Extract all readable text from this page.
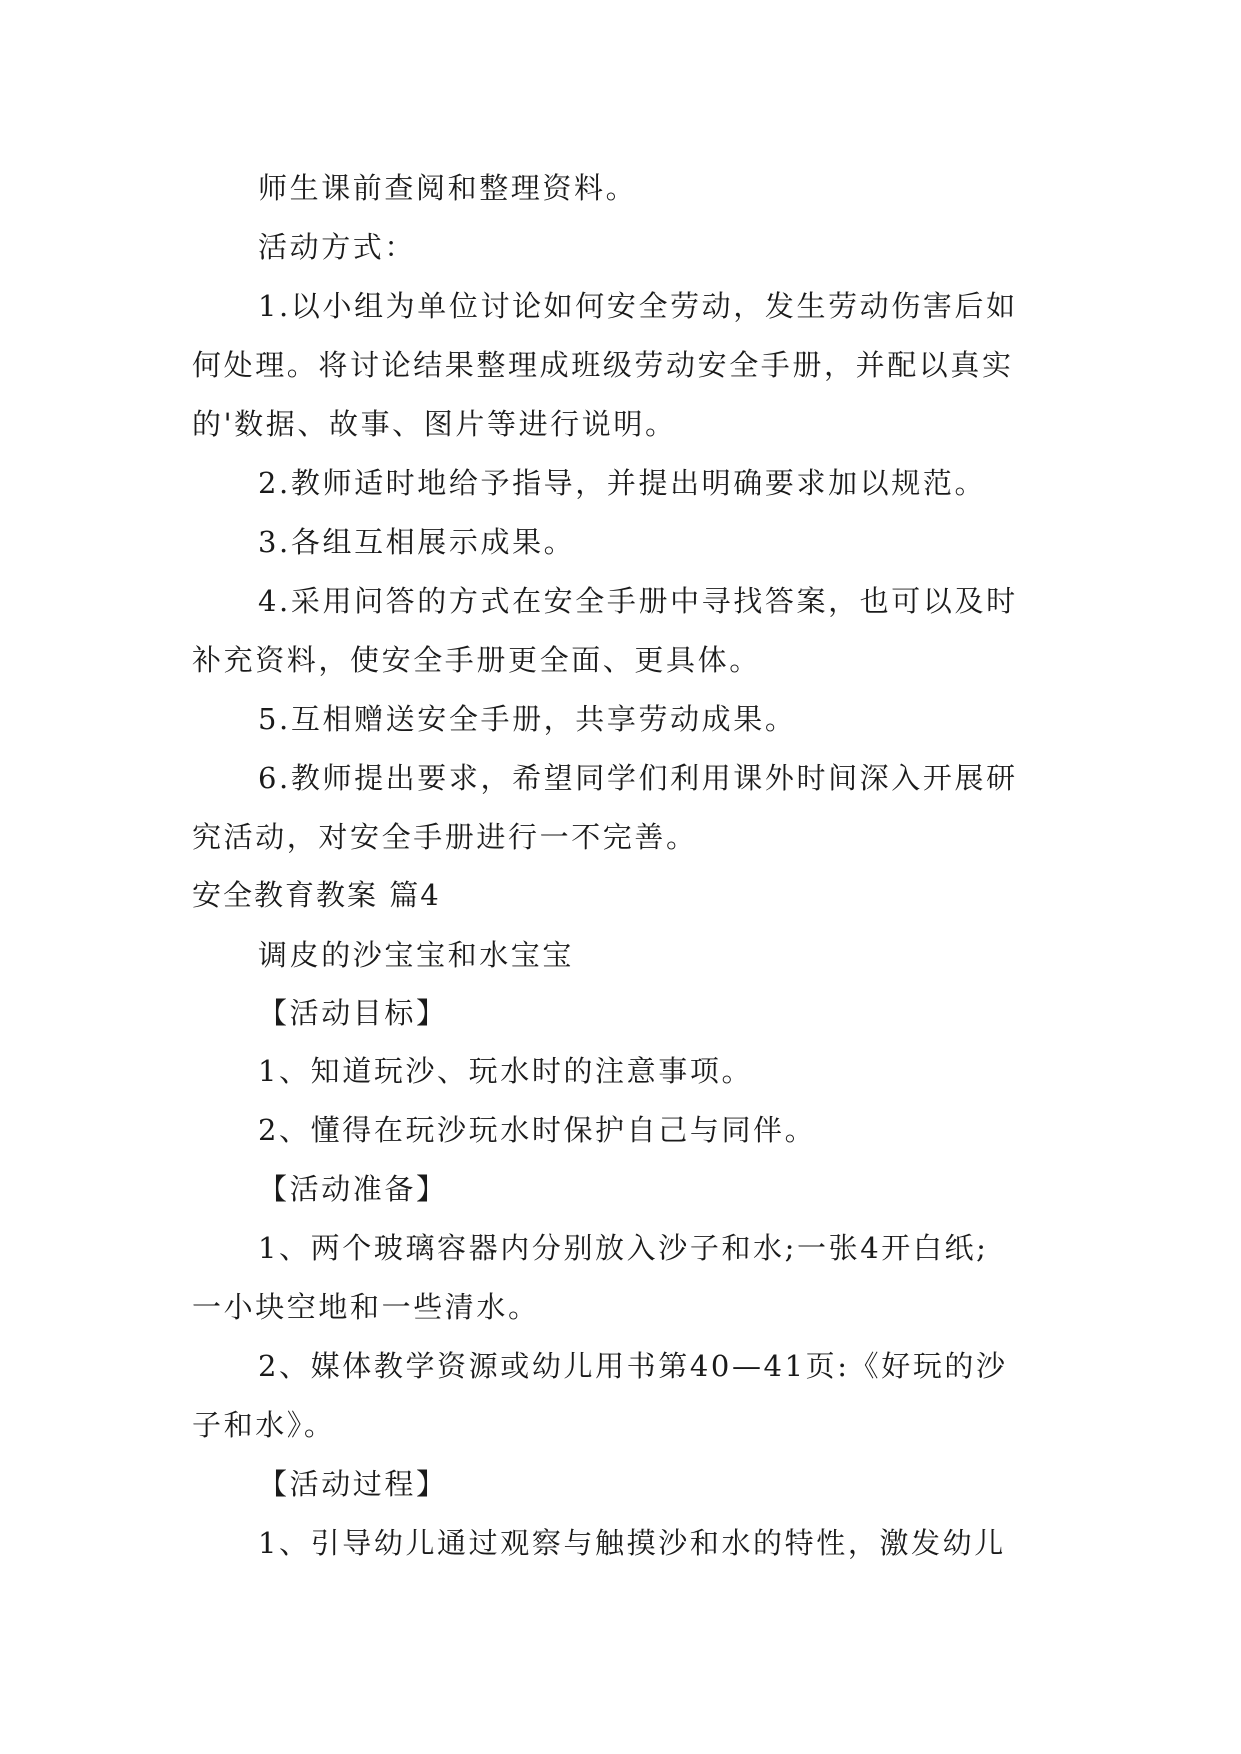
师生课前查阅和整理资料。

活动方式：

1.以小组为单位讨论如何安全劳动，发生劳动伤害后如

何处理。将讨论结果整理成班级劳动安全手册，并配以真实

的'数据、故事、图片等进行说明。

2.教师适时地给予指导，并提出明确要求加以规范。

3.各组互相展示成果。

4.采用问答的方式在安全手册中寻找答案，也可以及时

补充资料，使安全手册更全面、更具体。

5.互相赠送安全手册，共享劳动成果。

6.教师提出要求，希望同学们利用课外时间深入开展研

究活动，对安全手册进行一不完善。

安全教育教案 篇4

调皮的沙宝宝和水宝宝

【活动目标】

1、知道玩沙、玩水时的注意事项。

2、懂得在玩沙玩水时保护自己与同伴。

【活动准备】

1、两个玻璃容器内分别放入沙子和水;一张4开白纸;

一小块空地和一些清水。

2、媒体教学资源或幼儿用书第40—41页:《好玩的沙

子和水》。

【活动过程】

1、引导幼儿通过观察与触摸沙和水的特性，激发幼儿
